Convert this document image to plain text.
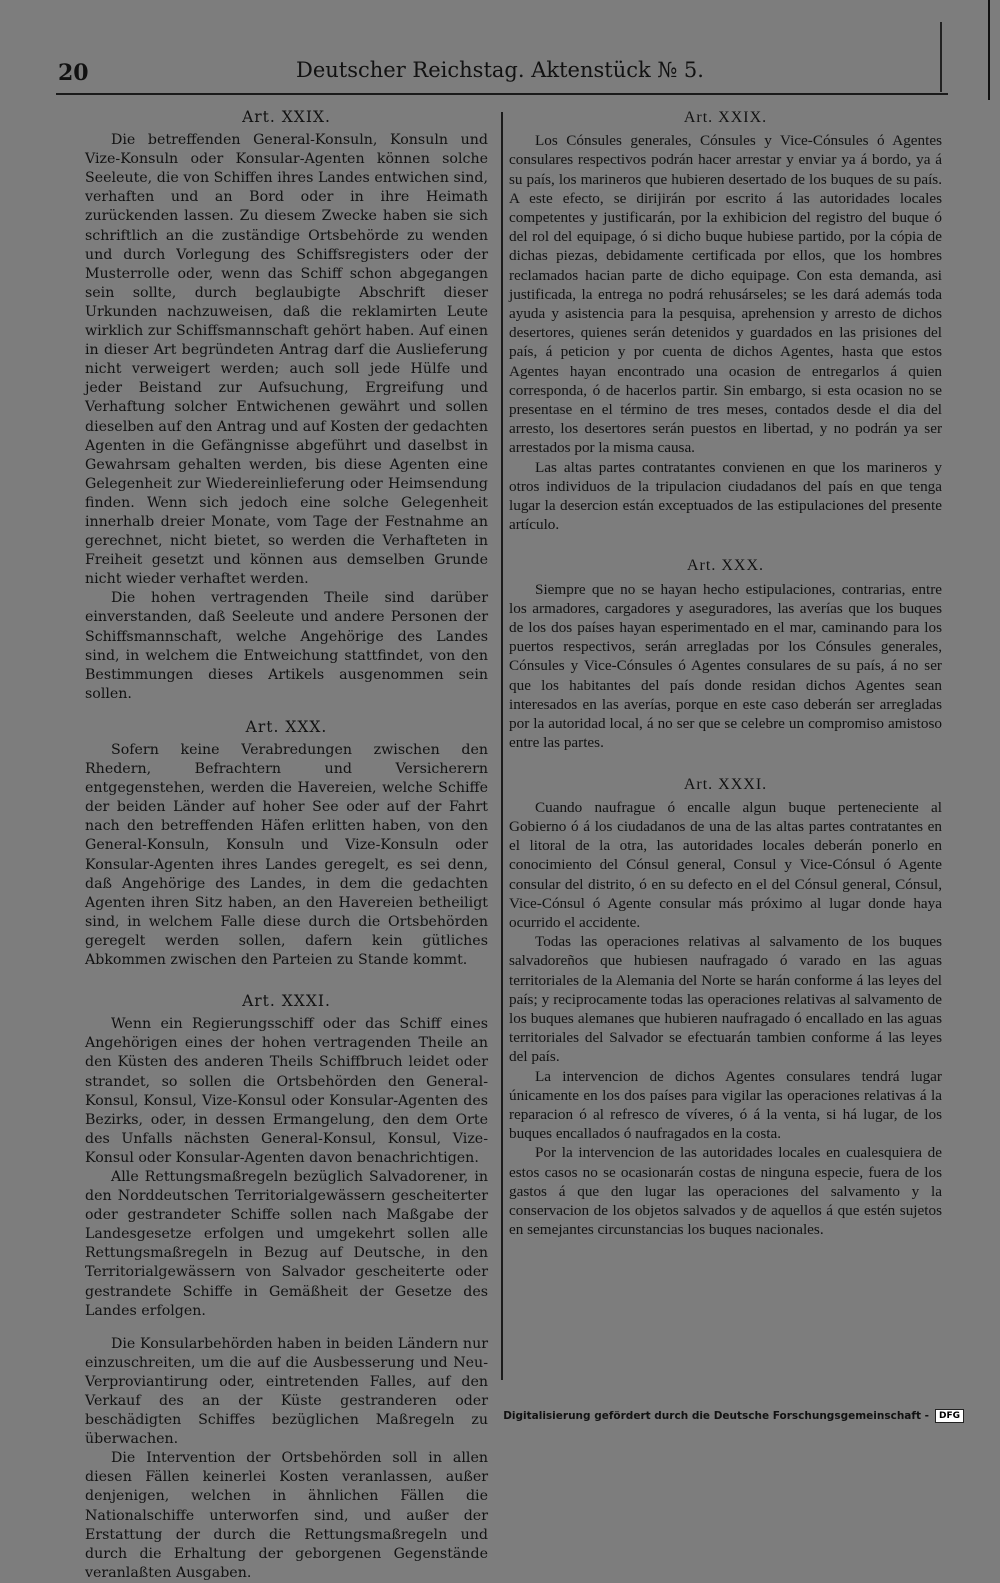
20	Deutscher Reichstag. Aktenstück № 5.
Art. XXIX.

Die betreffenden General-Konsuln, Konsuln und Vize-Konsuln oder Konsular-Agenten können solche Seeleute, die von Schiffen ihres Landes entwichen sind, verhaften und an Bord oder in ihre Heimath zurückenden lassen. Zu diesem Zwecke haben sie sich schriftlich an die zuständige Ortsbehörde zu wenden und durch Vorlegung des Schiffsregisters oder der Musterrolle oder, wenn das Schiff schon abgegangen sein sollte, durch beglaubigte Abschrift dieser Urkunden nachzuweisen, daß die reklamirten Leute wirklich zur Schiffsmannschaft gehört haben. Auf einen in dieser Art begründeten Antrag darf die Auslieferung nicht verweigert werden; auch soll jede Hülfe und jeder Beistand zur Aufsuchung, Ergreifung und Verhaftung solcher Entwichenen gewährt und sollen dieselben auf den Antrag und auf Kosten der gedachten Agenten in die Gefängnisse abgeführt und daselbst in Gewahrsam gehalten werden, bis diese Agenten eine Gelegenheit zur Wiedereinlieferung oder Heimsendung finden. Wenn sich jedoch eine solche Gelegenheit innerhalb dreier Monate, vom Tage der Festnahme an gerechnet, nicht bietet, so werden die Verhafteten in Freiheit gesetzt und können aus demselben Grunde nicht wieder verhaftet werden.

Die hohen vertragenden Theile sind darüber einverstanden, daß Seeleute und andere Personen der Schiffsmannschaft, welche Angehörige des Landes sind, in welchem die Entweichung stattfindet, von den Bestimmungen dieses Artikels ausgenommen sein sollen.

Art. XXX.

Sofern keine Verabredungen zwischen den Rhedern, Befrachtern und Versicherern entgegenstehen, werden die Havereien, welche Schiffe der beiden Länder auf hoher See oder auf der Fahrt nach den betreffenden Häfen erlitten haben, von den General-Konsuln, Konsuln und Vize-Konsuln oder Konsular-Agenten ihres Landes geregelt, es sei denn, daß Angehörige des Landes, in dem die gedachten Agenten ihren Sitz haben, an den Havereien betheiligt sind, in welchem Falle diese durch die Ortsbehörden geregelt werden sollen, dafern kein gütliches Abkommen zwischen den Parteien zu Stande kommt.

Art. XXXI.

Wenn ein Regierungsschiff oder das Schiff eines Angehörigen eines der hohen vertragenden Theile an den Küsten des anderen Theils Schiffbruch leidet oder strandet, so sollen die Ortsbehörden den General-Konsul, Konsul, Vize-Konsul oder Konsular-Agenten des Bezirks, oder, in dessen Ermangelung, den dem Orte des Unfalls nächsten General-Konsul, Konsul, Vize-Konsul oder Konsular-Agenten davon benachrichtigen.

Alle Rettungsmaßregeln bezüglich Salvadorener, in den Norddeutschen Territorialgewässern gescheiterter oder gestrandeter Schiffe sollen nach Maßgabe der Landesgesetze erfolgen und umgekehrt sollen alle Rettungsmaßregeln in Bezug auf Deutsche, in den Territorialgewässern von Salvador gescheiterte oder gestrandete Schiffe in Gemäßheit der Gesetze des Landes erfolgen.

Die Konsularbehörden haben in beiden Ländern nur einzuschreiten, um die auf die Ausbesserung und Neu-Verproviantirung oder, eintretenden Falles, auf den Verkauf des an der Küste gestranderen oder beschädigten Schiffes bezüglichen Maßregeln zu überwachen.

Die Intervention der Ortsbehörden soll in allen diesen Fällen keinerlei Kosten veranlassen, außer denjenigen, welchen in ähnlichen Fällen die Nationalschiffe unterworfen sind, und außer der Erstattung der durch die Rettungsmaßregeln und durch die Erhaltung der geborgenen Gegenstände veranlaßten Ausgaben.

Art. XXIX.

Los Cónsules generales, Cónsules y Vice-Cónsules ó Agentes consulares respectivos podrán hacer arrestar y enviar ya á bordo, ya á su país, los marineros que hubieren desertado de los buques de su país. A este efecto, se dirijirán por escrito á las autoridades locales competentes y justificarán, por la exhibicion del registro del buque ó del rol del equipage, ó si dicho buque hubiese partido, por la cópia de dichas piezas, debidamente certificada por ellos, que los hombres reclamados hacian parte de dicho equipage. Con esta demanda, asi justificada, la entrega no podrá rehusárseles; se les dará además toda ayuda y asistencia para la pesquisa, aprehension y arresto de dichos desertores, quienes serán detenidos y guardados en las prisiones del país, á peticion y por cuenta de dichos Agentes, hasta que estos Agentes hayan encontrado una ocasion de entregarlos á quien corresponda, ó de hacerlos partir. Sin embargo, si esta ocasion no se presentase en el término de tres meses, contados desde el dia del arresto, los desertores serán puestos en libertad, y no podrán ya ser arrestados por la misma causa.

Las altas partes contratantes convienen en que los marineros y otros individuos de la tripulacion ciudadanos del país en que tenga lugar la desercion están exceptuados de las estipulaciones del presente artículo.

Art. XXX.

Siempre que no se hayan hecho estipulaciones, contrarias, entre los armadores, cargadores y aseguradores, las averías que los buques de los dos países hayan esperimentado en el mar, caminando para los puertos respectivos, serán arregladas por los Cónsules generales, Cónsules y Vice-Cónsules ó Agentes consulares de su país, á no ser que los habitantes del país donde residan dichos Agentes sean interesados en las averías, porque en este caso deberán ser arregladas por la autoridad local, á no ser que se celebre un compromiso amistoso entre las partes.

Art. XXXI.

Cuando naufrague ó encalle algun buque perteneciente al Gobierno ó á los ciudadanos de una de las altas partes contratantes en el litoral de la otra, las autoridades locales deberán ponerlo en conocimiento del Cónsul general, Consul y Vice-Cónsul ó Agente consular del distrito, ó en su defecto en el del Cónsul general, Cónsul, Vice-Cónsul ó Agente consular más próximo al lugar donde haya ocurrido el accidente.

Todas las operaciones relativas al salvamento de los buques salvadoreños que hubiesen naufragado ó varado en las aguas territoriales de la Alemania del Norte se harán conforme á las leyes del país; y reciprocamente todas las operaciones relativas al salvamento de los buques alemanes que hubieren naufragado ó encallado en las aguas territoriales del Salvador se efectuarán tambien conforme á las leyes del país.

La intervencion de dichos Agentes consulares tendrá lugar únicamente en los dos países para vigilar las operaciones relativas á la reparacion ó al refresco de víveres, ó á la venta, si há lugar, de los buques encallados ó naufragados en la costa.

Por la intervencion de las autoridades locales en cualesquiera de estos casos no se ocasionarán costas de ninguna especie, fuera de los gastos á que den lugar las operaciones del salvamento y la conservacion de los objetos salvados y de aquellos á que estén sujetos en semejantes circunstancias los buques nacionales.

Digitalisierung gefördert durch die Deutsche Forschungsgemeinschaft -	DFG
